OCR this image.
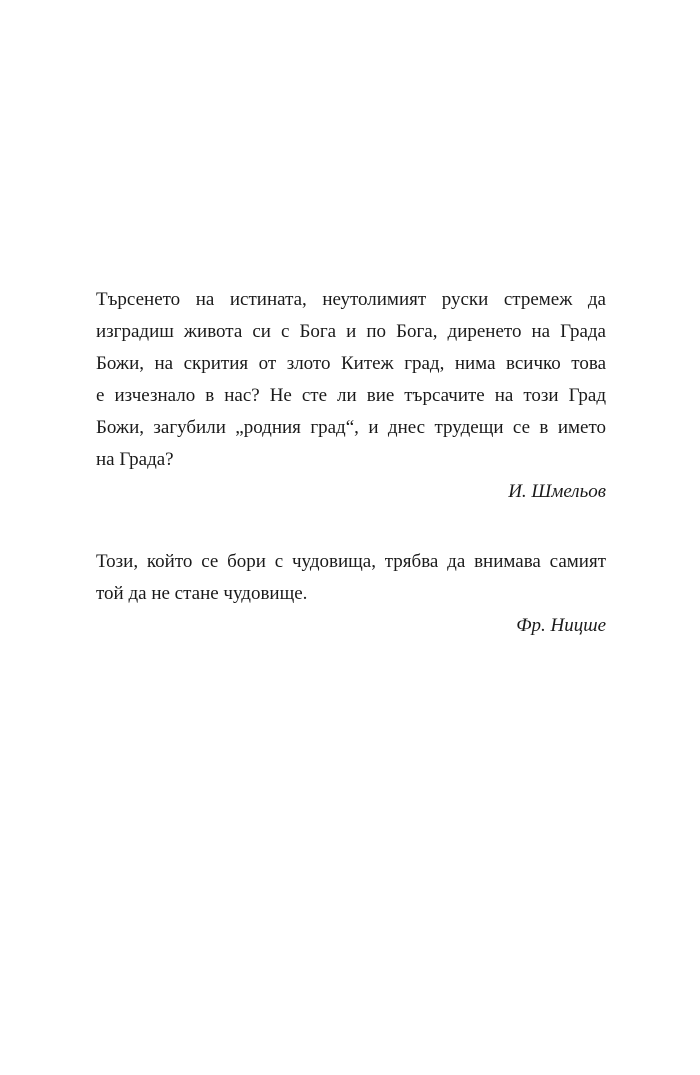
Търсенето на истината, неутолимият руски стремеж да
изградиш живота си с Бога и по Бога, диренето на Града
Божи, на скрития от злото Китеж град, нима всичко това
е изчезнало в нас? Не сте ли вие търсачите на този Град
Божи, загубили „родния град“, и днес трудещи се в името
на Града?
И. Шмельов
Този, който се бори с чудовища, трябва да внимава самият
той да не стане чудовище.
Фр. Ницше
